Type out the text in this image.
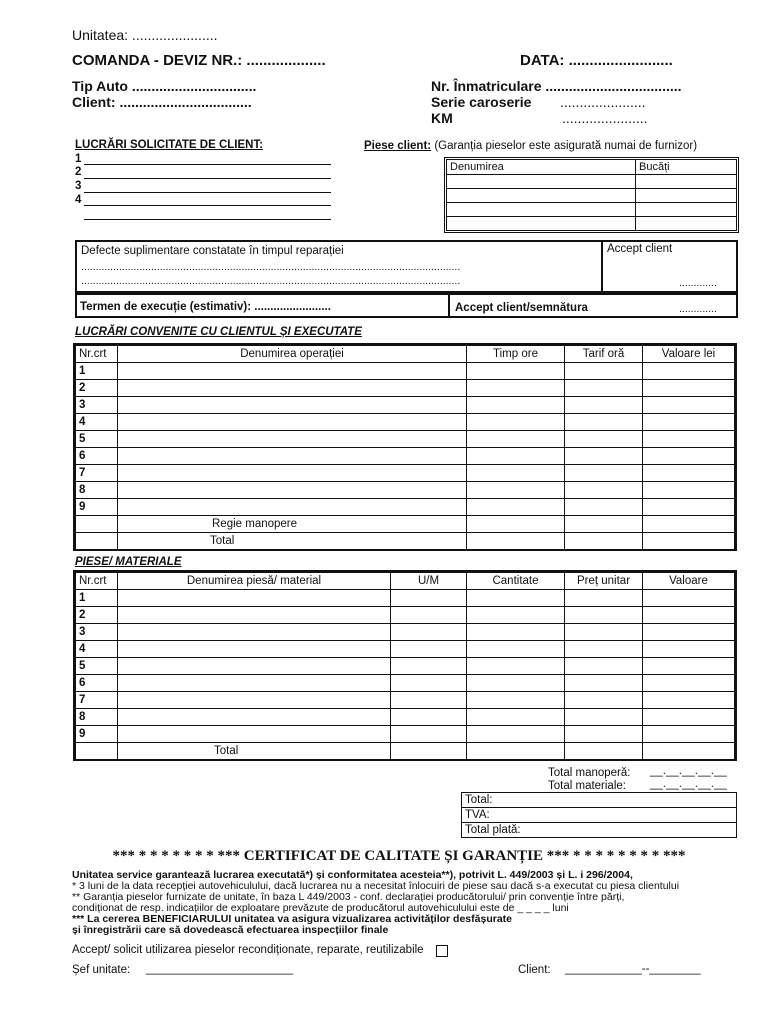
Unitatea: ......................
COMANDA - DEVIZ NR.: ...................	DATA: .........................
Tip Auto ................................
Client: ..................................
Nr. Înmatriculare ...................................
Serie caroserie ......................
KM	......................
LUCRĂRI SOLICITATE DE CLIENT:
1
2
3
4
Piese client: (Garanția pieselor este asigurată numai de furnizor)
Denumirea	Bucăți

Defecte suplimentare constatate în timpul reparației
..................................................................................................................................
..................................................................................................................................
Accept client
.............
Termen de execuție (estimativ): ........................	Accept client/semnătura	.............
LUCRĂRI CONVENITE CU CLIENTUL ȘI EXECUTATE
Nr.crt	Denumirea operației	Timp ore	Tarif oră	Valoare lei
1				
2				
3				
4				
5				
6				
7				
8				
9				
	Regie manopere			
	Total			
PIESE/ MATERIALE
Nr.crt	Denumirea piesă/ material	U/M	Cantitate	Preț unitar	Valoare
1					
2					
3					
4					
5					
6					
7					
8					
9					
	Total				
Total manoperă: __.__.__.__.__
Total materiale: __.__.__.__.__
Total:
TVA:
Total plată:
*** * * * * * * * *** CERTIFICAT DE CALITATE ȘI GARANȚIE *** * * * * * * * * ***
Unitatea service garantează lucrarea executată*) și conformitatea acesteia**), potrivit L. 449/2003 și L. i 296/2004,
* 3 luni de la data recepției autovehiculului, dacă lucrarea nu a necesitat înlocuiri de piese sau dacă s-a executat cu piesa clientului
** Garanția pieselor furnizate de unitate, în baza L 449/2003 - conf. declarației producătorului/ prin convenție între părți,
condiționat de resp. indicațiilor de exploatare prevăzute de producătorul autovehiculului este de _ _ _ _ luni
*** La cererea BENEFICIARULUI unitatea va asigura vizualizarea activităților desfășurate
și înregistrării care să dovedească efectuarea inspecțiilor finale
Accept/ solicit utilizarea pieselor recondiționate, reparate, reutilizabile
Șef unitate: _______________________	Client: ____________--________
